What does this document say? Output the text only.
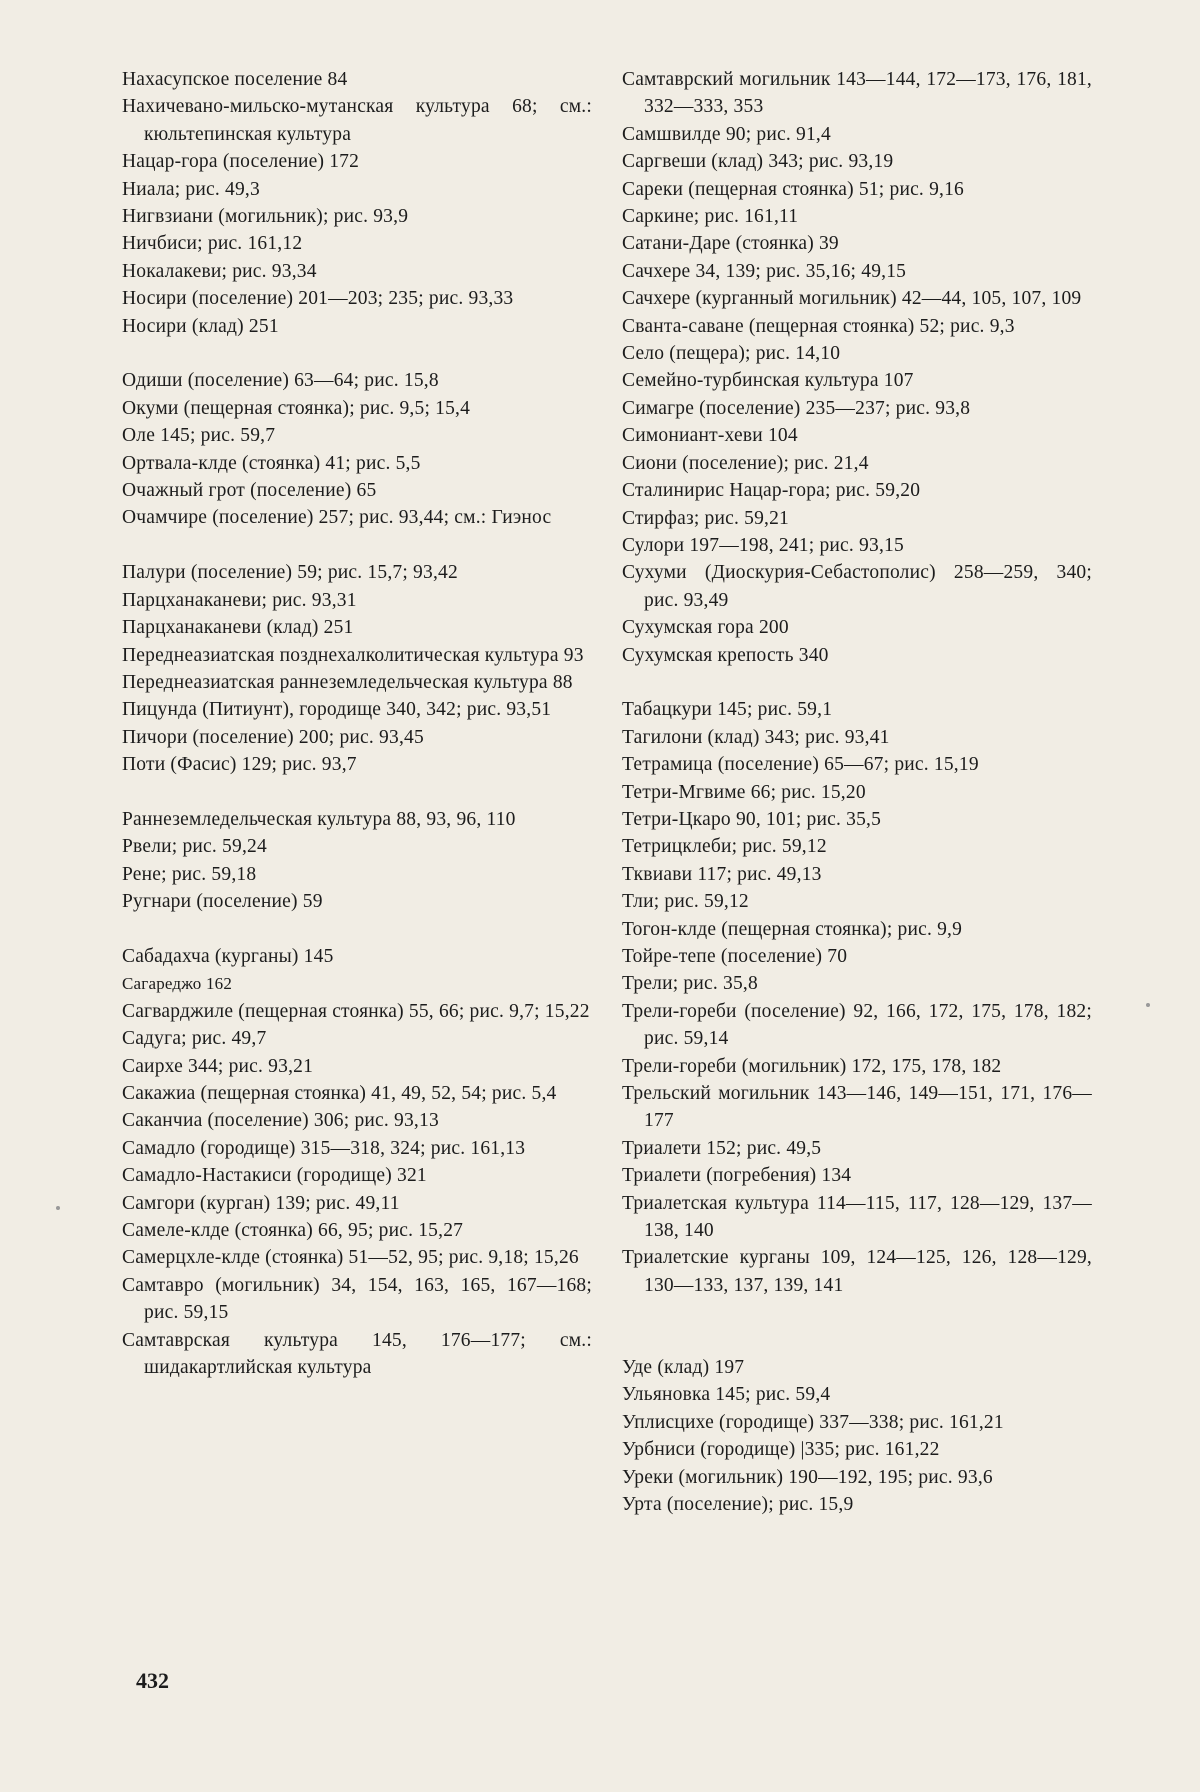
Нахасупское поселение 84
Нахичевано-мильско-мутанская культура 68; см.: кюльтепинская культура
Нацар-гора (поселение) 172
Ниала; рис. 49,3
Нигвзиани (могильник); рис. 93,9
Ничбиси; рис. 161,12
Нокалакеви; рис. 93,34
Носири (поселение) 201—203; 235; рис. 93,33
Носири (клад) 251
Одиши (поселение) 63—64; рис. 15,8
Окуми (пещерная стоянка); рис. 9,5; 15,4
Оле 145; рис. 59,7
Ортвала-клде (стоянка) 41; рис. 5,5
Очажный грот (поселение) 65
Очамчире (поселение) 257; рис. 93,44; см.: Гиэнос
Палури (поселение) 59; рис. 15,7; 93,42
Парцханаканеви; рис. 93,31
Парцханаканеви (клад) 251
Переднеазиатская позднехалколитическая культура 93
Переднеазиатская раннеземледельческая культура 88
Пицунда (Питиунт), городище 340, 342; рис. 93,51
Пичори (поселение) 200; рис. 93,45
Поти (Фасис) 129; рис. 93,7
Раннеземледельческая культура 88, 93, 96, 110
Рвели; рис. 59,24
Рене; рис. 59,18
Ругнари (поселение) 59
Сабадахча (курганы) 145
Сагареджо 162
Сагварджиле (пещерная стоянка) 55, 66; рис. 9,7; 15,22
Садуга; рис. 49,7
Саирхе 344; рис. 93,21
Сакажиа (пещерная стоянка) 41, 49, 52, 54; рис. 5,4
Саканчиа (поселение) 306; рис. 93,13
Самадло (городище) 315—318, 324; рис. 161,13
Самадло-Настакиси (городище) 321
Самгори (курган) 139; рис. 49,11
Самеле-клде (стоянка) 66, 95; рис. 15,27
Самерцхле-клде (стоянка) 51—52, 95; рис. 9,18; 15,26
Самтавро (могильник) 34, 154, 163, 165, 167—168; рис. 59,15
Самтаврская культура 145, 176—177; см.: шидакартлийская культура
Самтаврский могильник 143—144, 172—173, 176, 181, 332—333, 353
Самшвилде 90; рис. 91,4
Саргвеши (клад) 343; рис. 93,19
Сареки (пещерная стоянка) 51; рис. 9,16
Саркине; рис. 161,11
Сатани-Даре (стоянка) 39
Сачхере 34, 139; рис. 35,16; 49,15
Сачхере (курганный могильник) 42—44, 105, 107, 109
Сванта-саване (пещерная стоянка) 52; рис. 9,3
Село (пещера); рис. 14,10
Семейно-турбинская культура 107
Симагре (поселение) 235—237; рис. 93,8
Симониант-хеви 104
Сиони (поселение); рис. 21,4
Сталинирис Нацар-гора; рис. 59,20
Стирфаз; рис. 59,21
Сулори 197—198, 241; рис. 93,15
Сухуми (Диоскурия-Себастополис) 258—259, 340; рис. 93,49
Сухумская гора 200
Сухумская крепость 340
Табацкури 145; рис. 59,1
Тагилони (клад) 343; рис. 93,41
Тетрамица (поселение) 65—67; рис. 15,19
Тетри-Мгвиме 66; рис. 15,20
Тетри-Цкаро 90, 101; рис. 35,5
Тетрицклеби; рис. 59,12
Тквиави 117; рис. 49,13
Тли; рис. 59,12
Тогон-клде (пещерная стоянка); рис. 9,9
Тойре-тепе (поселение) 70
Трели; рис. 35,8
Трели-гореби (поселение) 92, 166, 172, 175, 178, 182; рис. 59,14
Трели-гореби (могильник) 172, 175, 178, 182
Трельский могильник 143—146, 149—151, 171, 176—177
Триалети 152; рис. 49,5
Триалети (погребения) 134
Триалетская культура 114—115, 117, 128—129, 137—138, 140
Триалетские курганы 109, 124—125, 126, 128—129, 130—133, 137, 139, 141
Уде (клад) 197
Ульяновка 145; рис. 59,4
Уплисцихе (городище) 337—338; рис. 161,21
Урбниси (городище) |335; рис. 161,22
Уреки (могильник) 190—192, 195; рис. 93,6
Урта (поселение); рис. 15,9
432
